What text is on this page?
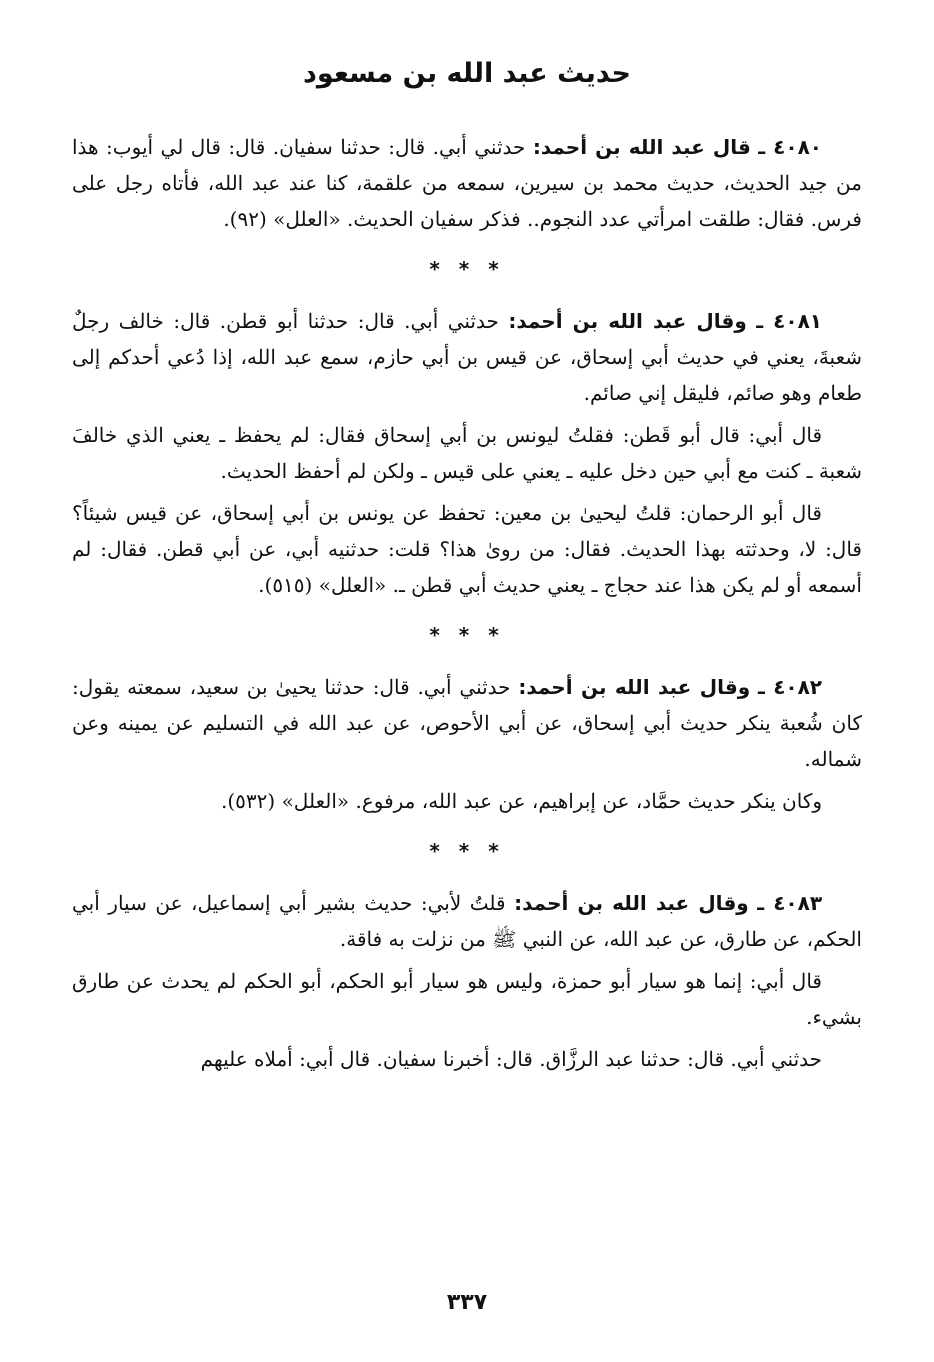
حديث عبد الله بن مسعود

٤٠٨٠ ـ قال عبد الله بن أحمد: حدثني أبي. قال: حدثنا سفيان. قال: قال لي أيوب: هذا من جيد الحديث، حديث محمد بن سيرين، سمعه من علقمة، كنا عند عبد الله، فأتاه رجل على فرس. فقال: طلقت امرأتي عدد النجوم.. فذكر سفيان الحديث. «العلل» (٩٢).

* * *

٤٠٨١ ـ وقال عبد الله بن أحمد: حدثني أبي. قال: حدثنا أبو قطن. قال: خالف رجلٌ شعبةَ، يعني في حديث أبي إسحاق، عن قيس بن أبي حازم، سمع عبد الله، إذا دُعي أحدكم إلى طعام وهو صائم، فليقل إني صائم.

قال أبي: قال أبو قَطن: فقلتُ ليونس بن أبي إسحاق فقال: لم يحفظ ـ يعني الذي خالفَ شعبة ـ كنت مع أبي حين دخل عليه ـ يعني على قيس ـ ولكن لم أحفظ الحديث.

قال أبو الرحمان: قلتُ ليحيىٰ بن معين: تحفظ عن يونس بن أبي إسحاق، عن قيس شيئاً؟ قال: لا، وحدثته بهذا الحديث. فقال: من روىٰ هذا؟ قلت: حدثنيه أبي، عن أبي قطن. فقال: لم أسمعه أو لم يكن هذا عند حجاج ـ يعني حديث أبي قطن ـ. «العلل» (٥١٥).

* * *

٤٠٨٢ ـ وقال عبد الله بن أحمد: حدثني أبي. قال: حدثنا يحيىٰ بن سعيد، سمعته يقول: كان شُعبة ينكر حديث أبي إسحاق، عن أبي الأحوص، عن عبد الله في التسليم عن يمينه وعن شماله.

وكان ينكر حديث حمَّاد، عن إبراهيم، عن عبد الله، مرفوع. «العلل» (٥٣٢).

* * *

٤٠٨٣ ـ وقال عبد الله بن أحمد: قلتُ لأبي: حديث بشير أبي إسماعيل، عن سيار أبي الحكم، عن طارق، عن عبد الله، عن النبي ﷺ من نزلت به فاقة.

قال أبي: إنما هو سيار أبو حمزة، وليس هو سيار أبو الحكم، أبو الحكم لم يحدث عن طارق بشيء.

حدثني أبي. قال: حدثنا عبد الرزَّاق. قال: أخبرنا سفيان. قال أبي: أملاه عليهم

٣٣٧
